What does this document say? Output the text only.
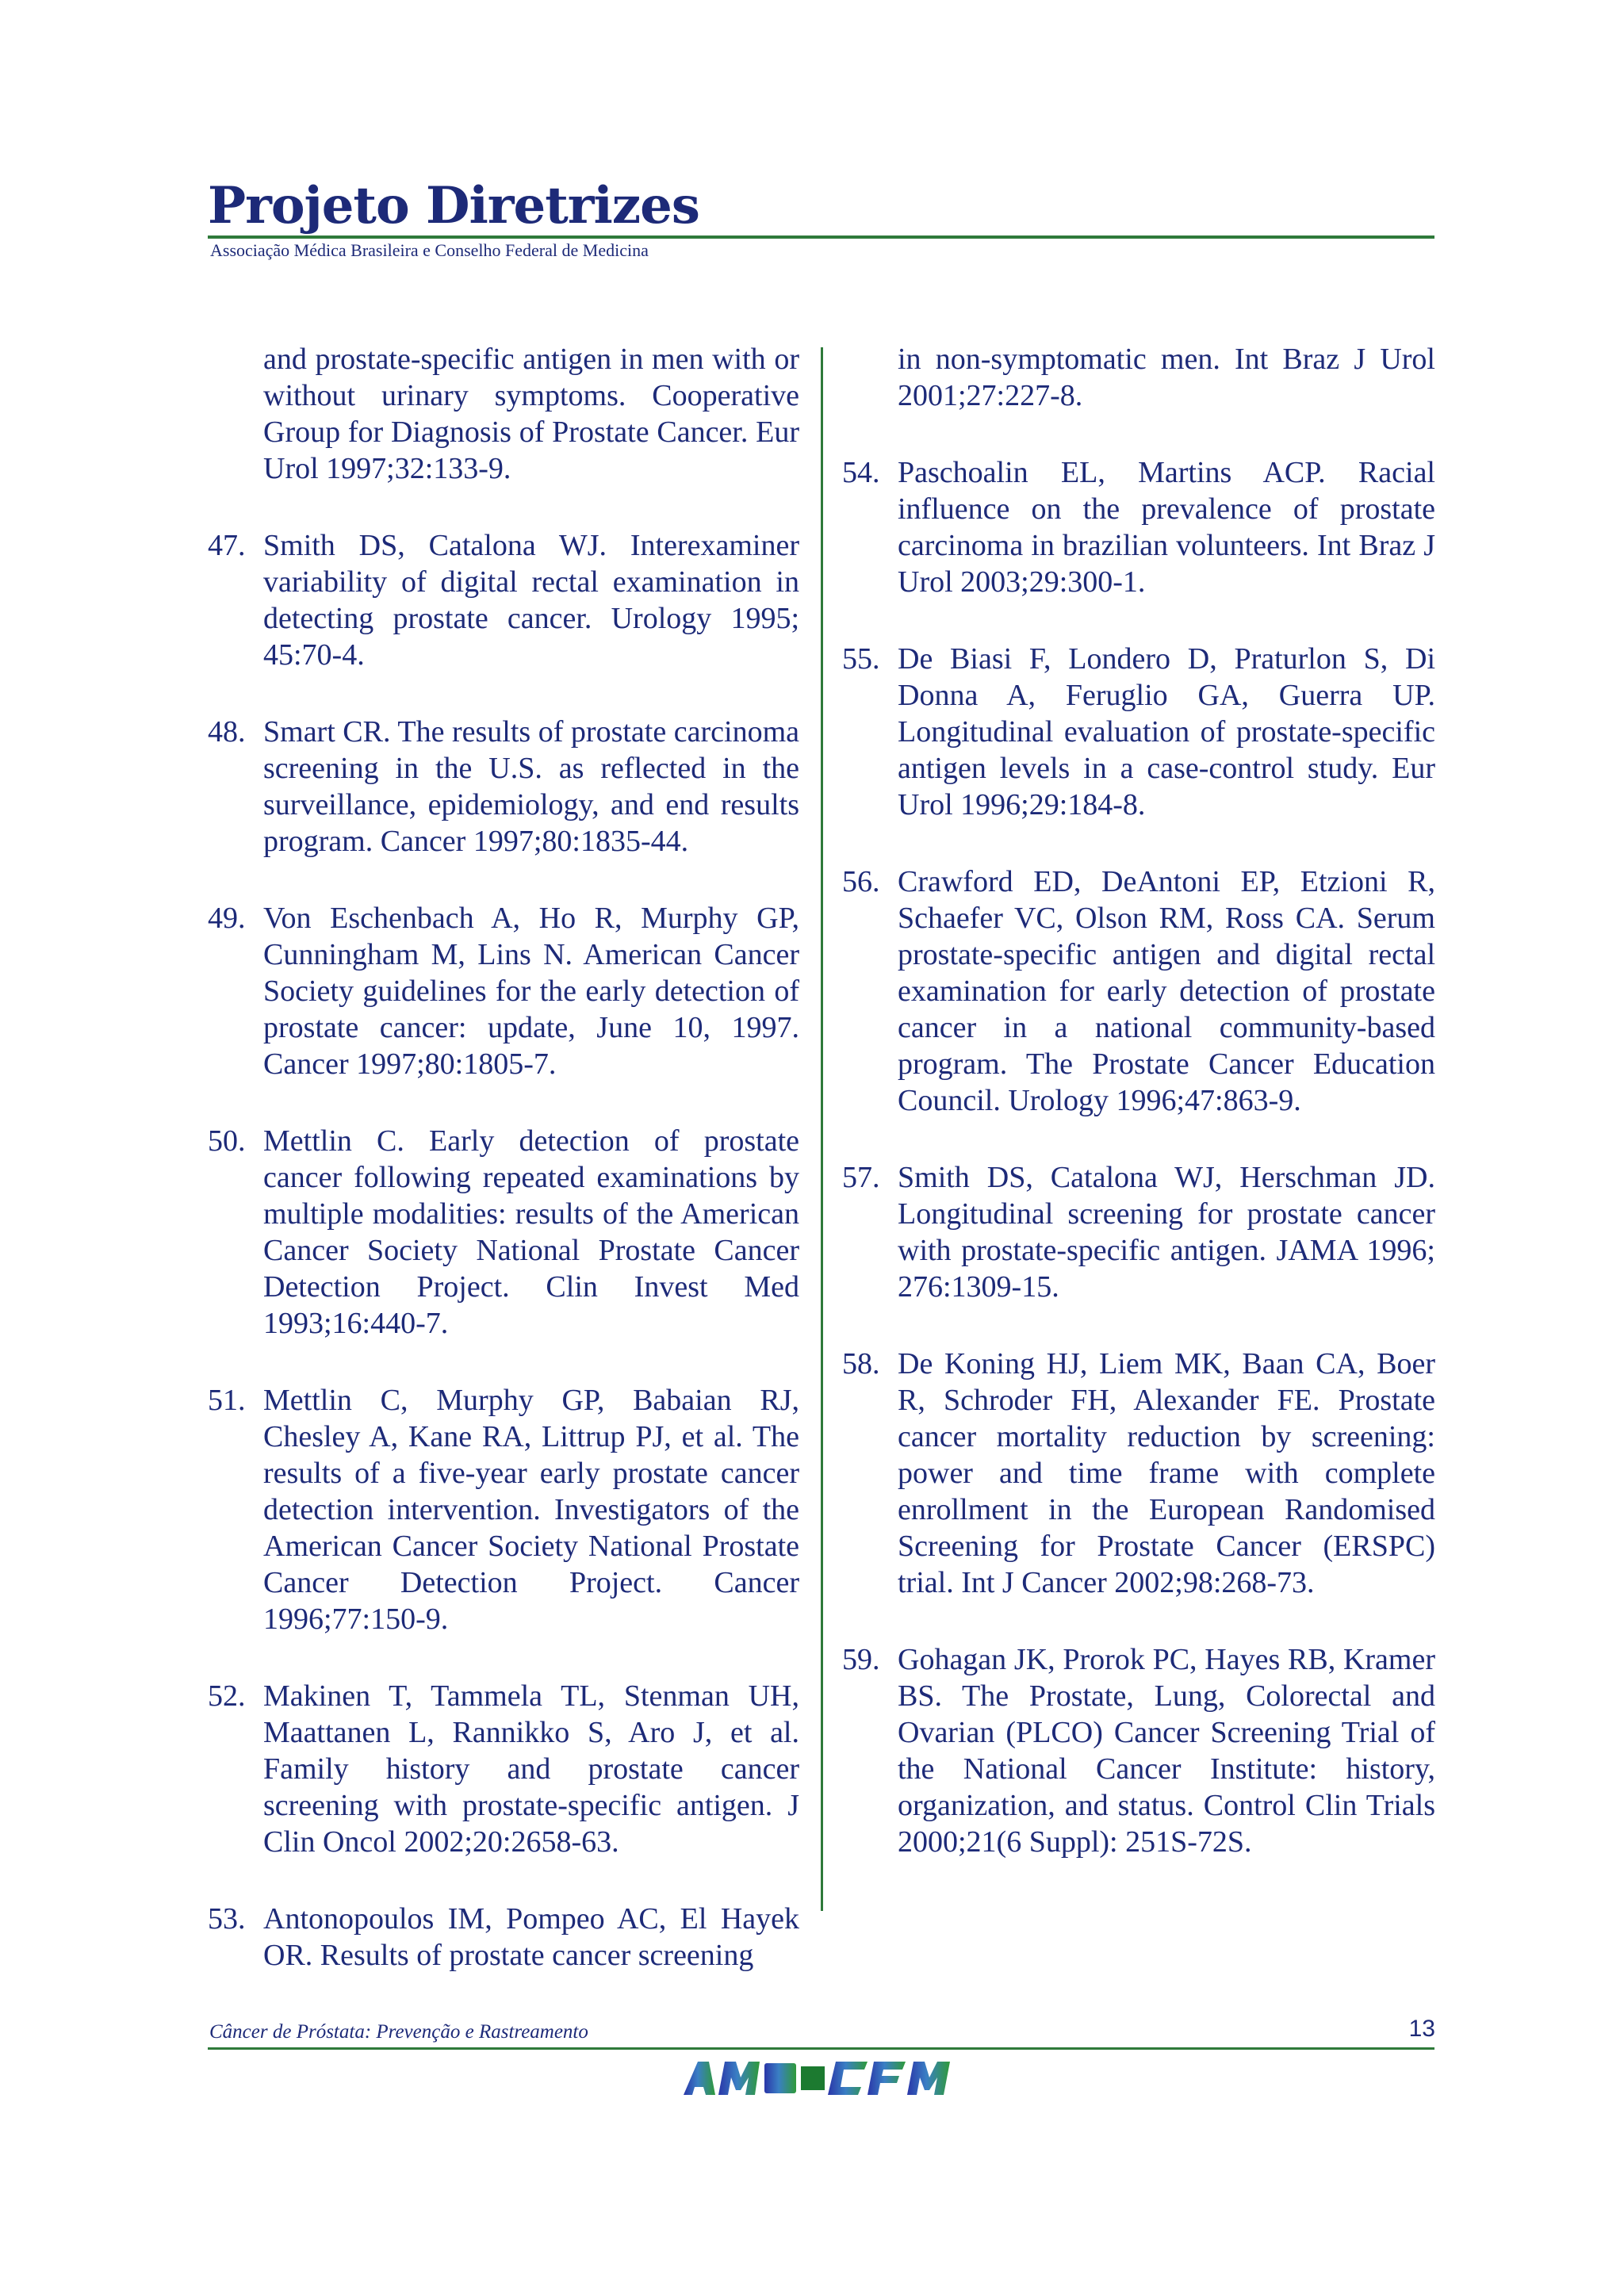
Projeto Diretrizes
Associação Médica Brasileira e Conselho Federal de Medicina
and prostate-specific antigen in men with or without urinary symptoms. Cooperative Group for Diagnosis of Prostate Cancer. Eur Urol 1997;32:133-9.
47. Smith DS, Catalona WJ. Interexaminer variability of digital rectal examination in detecting prostate cancer. Urology 1995; 45:70-4.
48. Smart CR. The results of prostate carcinoma screening in the U.S. as reflected in the surveillance, epidemiology, and end results program. Cancer 1997;80:1835-44.
49. Von Eschenbach A, Ho R, Murphy GP, Cunningham M, Lins N. American Cancer Society guidelines for the early detection of prostate cancer: update, June 10, 1997. Cancer 1997;80:1805-7.
50. Mettlin C. Early detection of prostate cancer following repeated examinations by multiple modalities: results of the American Cancer Society National Prostate Cancer Detection Project. Clin Invest Med 1993;16:440-7.
51. Mettlin C, Murphy GP, Babaian RJ, Chesley A, Kane RA, Littrup PJ, et al. The results of a five-year early prostate cancer detection intervention. Investigators of the American Cancer Society National Prostate Cancer Detection Project. Cancer 1996;77:150-9.
52. Makinen T, Tammela TL, Stenman UH, Maattanen L, Rannikko S, Aro J, et al. Family history and prostate cancer screening with prostate-specific antigen. J Clin Oncol 2002;20:2658-63.
53. Antonopoulos IM, Pompeo AC, El Hayek OR. Results of prostate cancer screening
in non-symptomatic men. Int Braz J Urol 2001;27:227-8.
54. Paschoalin EL, Martins ACP. Racial influence on the prevalence of prostate carcinoma in brazilian volunteers. Int Braz J Urol 2003;29:300-1.
55. De Biasi F, Londero D, Praturlon S, Di Donna A, Feruglio GA, Guerra UP. Longitudinal evaluation of prostate-specific antigen levels in a case-control study. Eur Urol 1996;29:184-8.
56. Crawford ED, DeAntoni EP, Etzioni R, Schaefer VC, Olson RM, Ross CA. Serum prostate-specific antigen and digital rectal examination for early detection of prostate cancer in a national community-based program. The Prostate Cancer Education Council. Urology 1996;47:863-9.
57. Smith DS, Catalona WJ, Herschman JD. Longitudinal screening for prostate cancer with prostate-specific antigen. JAMA 1996; 276:1309-15.
58. De Koning HJ, Liem MK, Baan CA, Boer R, Schroder FH, Alexander FE. Prostate cancer mortality reduction by screening: power and time frame with complete enrollment in the European Randomised Screening for Prostate Cancer (ERSPC) trial. Int J Cancer 2002;98:268-73.
59. Gohagan JK, Prorok PC, Hayes RB, Kramer BS. The Prostate, Lung, Colorectal and Ovarian (PLCO) Cancer Screening Trial of the National Cancer Institute: history, organization, and status. Control Clin Trials 2000;21(6 Suppl): 251S-72S.
Câncer de Próstata: Prevenção e Rastreamento	13
